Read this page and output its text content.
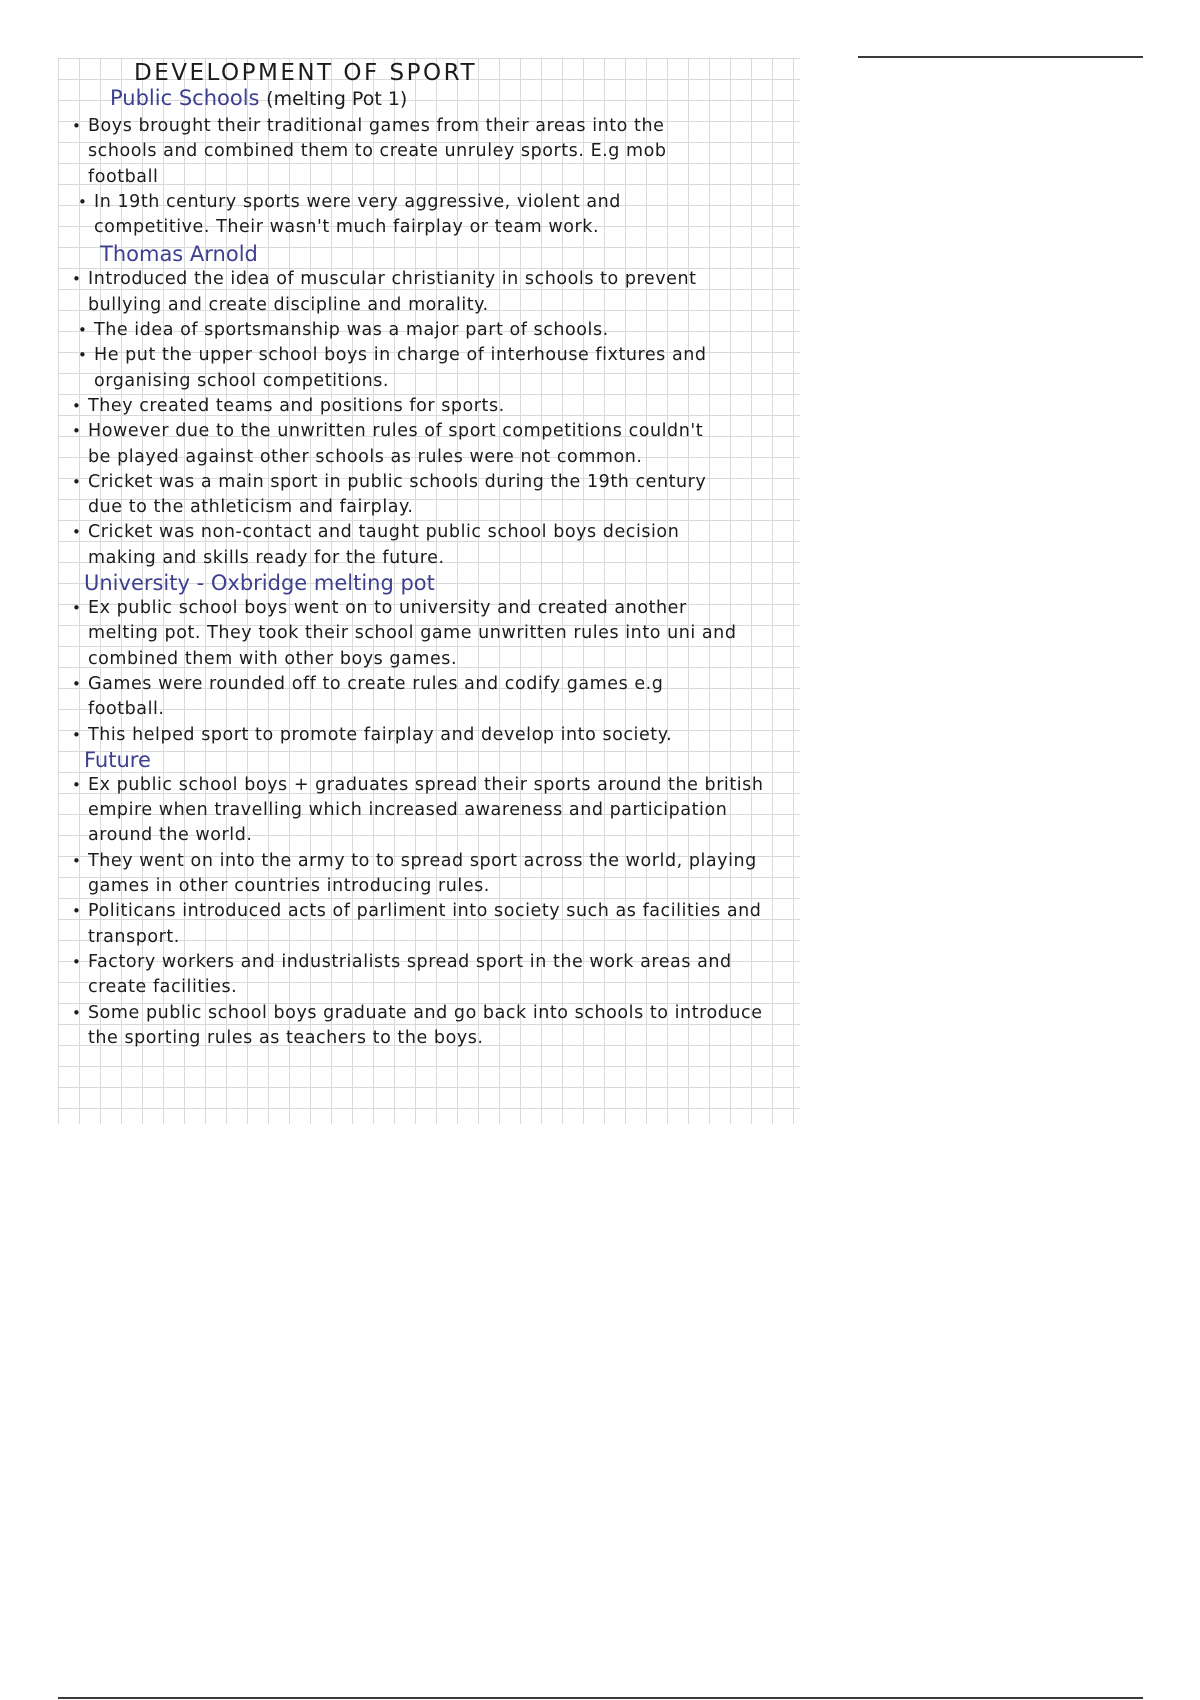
DEVELOPMENT OF SPORT
Public Schools (melting Pot 1)
• Boys brought their traditional games from their areas into the schools and combined them to create unruley sports. E.g mob football
• In 19th century sports were very aggressive, violent and competitive. Their wasn't much fairplay or team work.
Thomas Arnold
• Introduced the idea of muscular christianity in schools to prevent bullying and create discipline and morality.
• The idea of sportsmanship was a major part of schools.
• He put the upper school boys in charge of interhouse fixtures and organising school competitions.
• They created teams and positions for sports.
• However due to the unwritten rules of sport competitions couldn't be played against other schools as rules were not common.
• Cricket was a main sport in public schools during the 19th century due to the athleticism and fairplay.
• Cricket was non-contact and taught public school boys decision making and skills ready for the future.
University - Oxbridge melting pot
• Ex public school boys went on to university and created another melting pot. They took their school game unwritten rules into uni and combined them with other boys games.
• Games were rounded off to create rules and codify games e.g football.
• This helped sport to promote fairplay and develop into society.
Future
• Ex public school boys + graduates spread their sports around the british empire when travelling which increased awareness and participation around the world.
• They went on into the army to to spread sport across the world, playing games in other countries introducing rules.
• Politicans introduced acts of parliment into society such as facilities and transport.
• Factory workers and industrialists spread sport in the work areas and create facilities.
• Some public school boys graduate and go back into schools to introduce the sporting rules as teachers to the boys.
